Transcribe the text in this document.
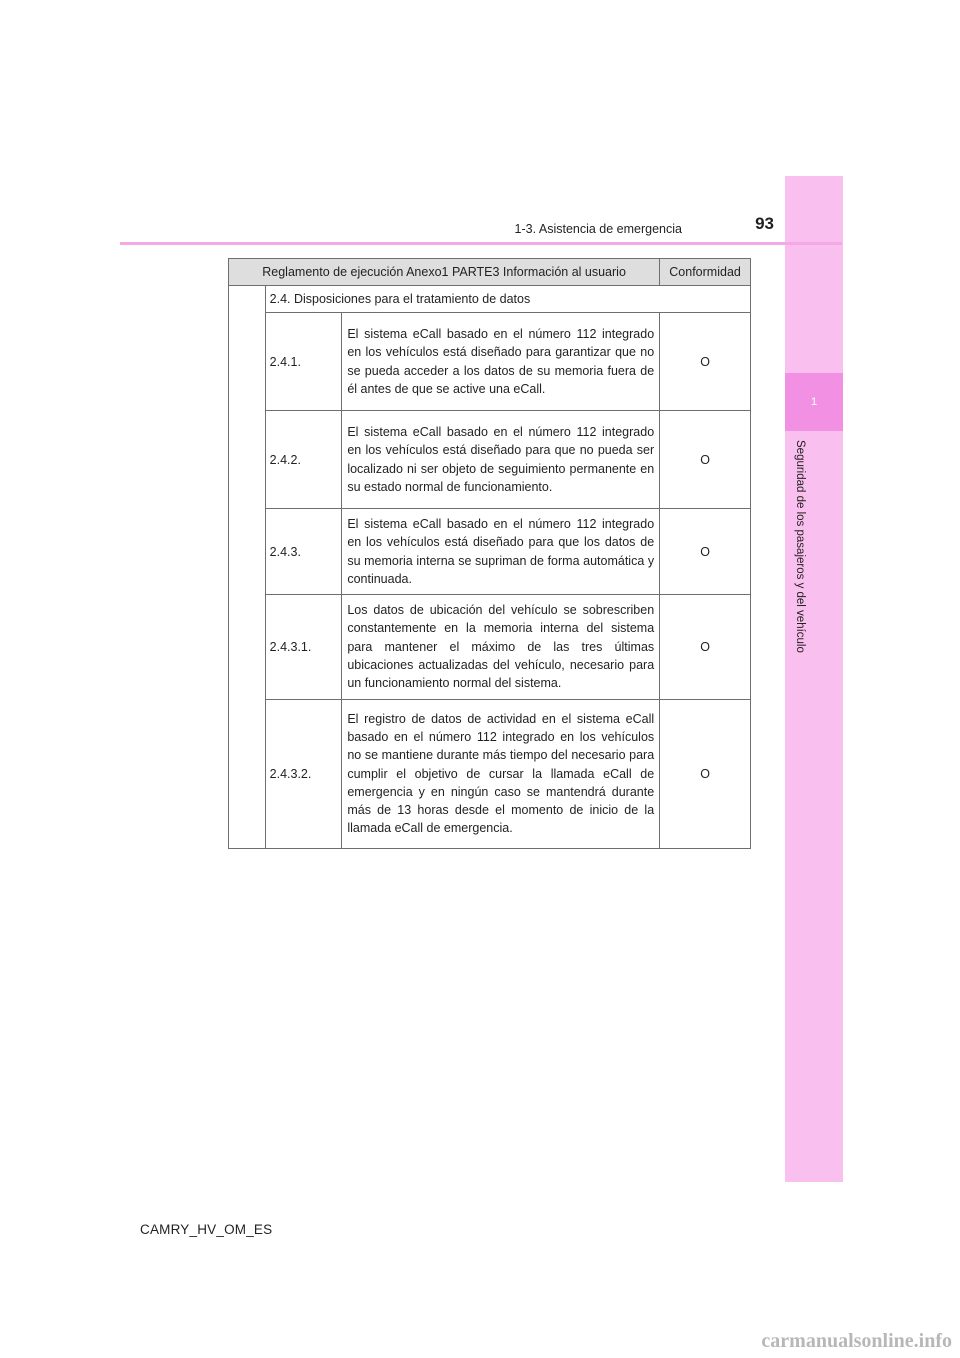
1
Seguridad de los pasajeros y del vehículo
1-3. Asistencia de emergencia	93
Reglamento de ejecución Anexo1 PARTE3 Información al usuario			Conformidad
	2.4. Disposiciones para el tratamiento de datos		
	2.4.1.	El sistema eCall basado en el número 112 integrado en los vehículos está diseñado para garantizar que no se pueda acceder a los datos de su memoria fuera de él antes de que se active una eCall.	O
	2.4.2.	El sistema eCall basado en el número 112 integrado en los vehículos está diseñado para que no pueda ser localizado ni ser objeto de seguimiento permanente en su estado normal de funcionamiento.	O
	2.4.3.	El sistema eCall basado en el número 112 integrado en los vehículos está diseñado para que los datos de su memoria interna se supriman de forma automática y continuada.	O
	2.4.3.1.	Los datos de ubicación del vehículo se sobrescriben constantemente en la memoria interna del sistema para mantener el máximo de las tres últimas ubicaciones actualizadas del vehículo, necesario para un funcionamiento normal del sistema.	O
	2.4.3.2.	El registro de datos de actividad en el sistema eCall basado en el número 112 integrado en los vehículos no se mantiene durante más tiempo del necesario para cumplir el objetivo de cursar la llamada eCall de emergencia y en ningún caso se mantendrá durante más de 13 horas desde el momento de inicio de la llamada eCall de emergencia.	O
CAMRY_HV_OM_ES
carmanualsonline.info
